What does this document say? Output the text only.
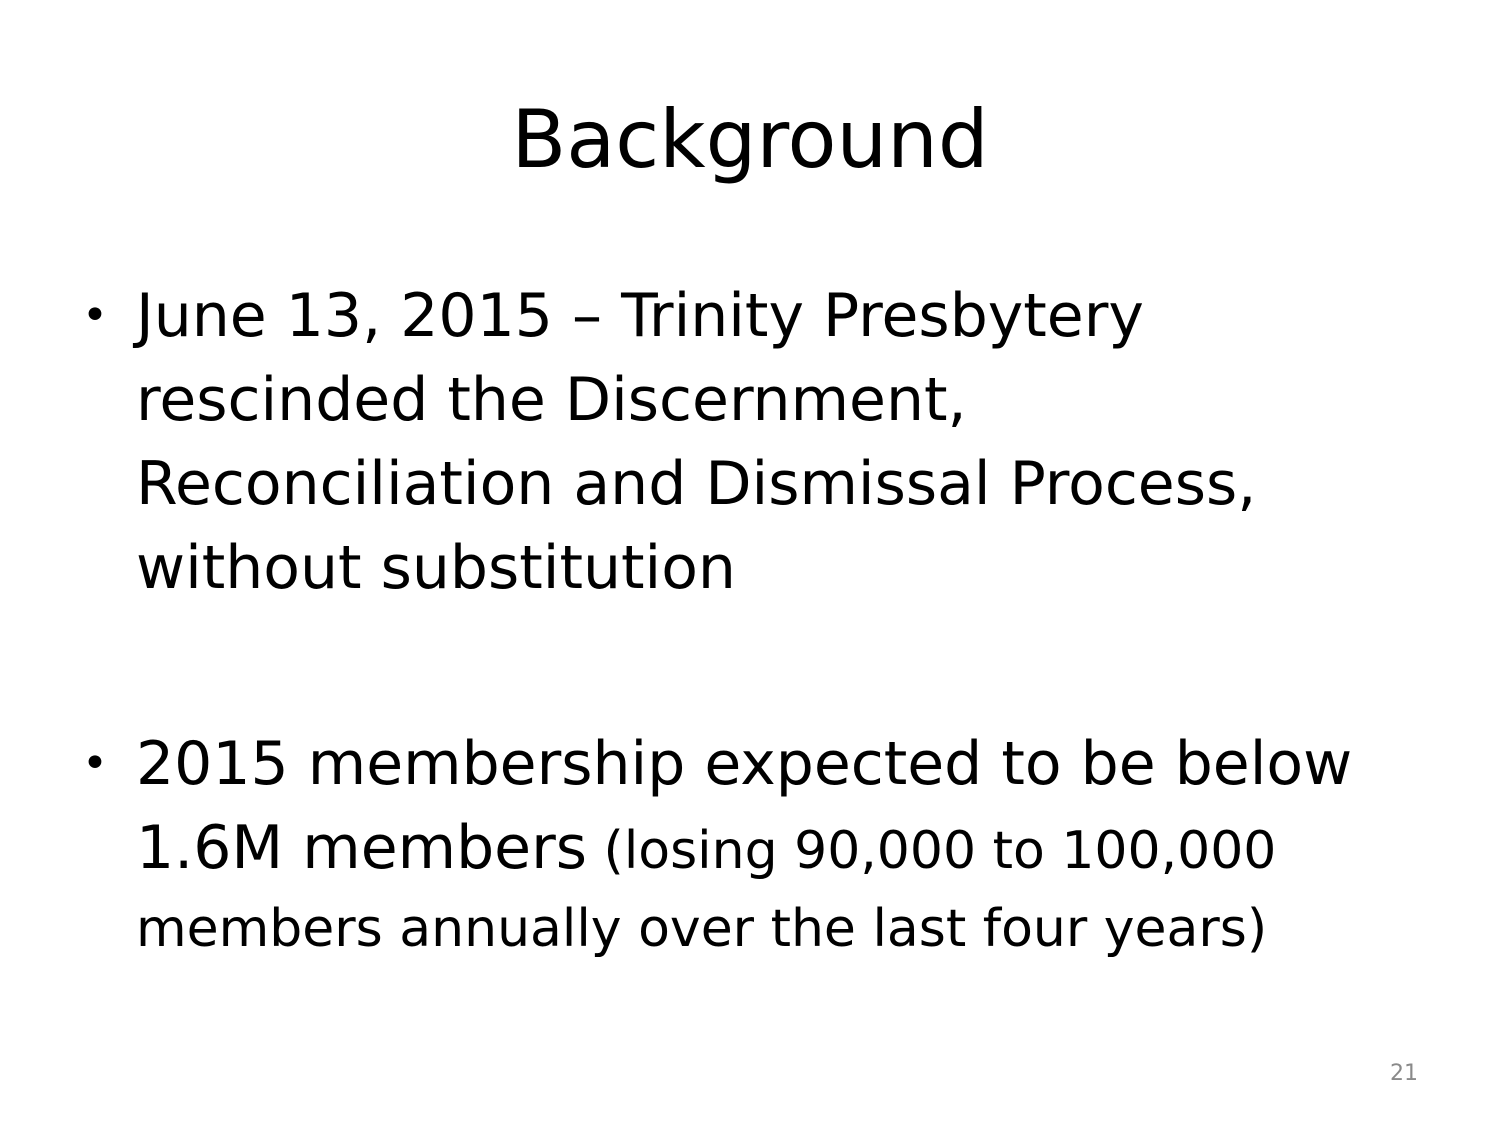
Background
• June 13, 2015 – Trinity Presbytery
rescinded the Discernment,
Reconciliation and Dismissal Process,
without substitution
• 2015 membership expected to be below
1.6M members (losing 90,000 to 100,000
members annually over the last four years)
21
